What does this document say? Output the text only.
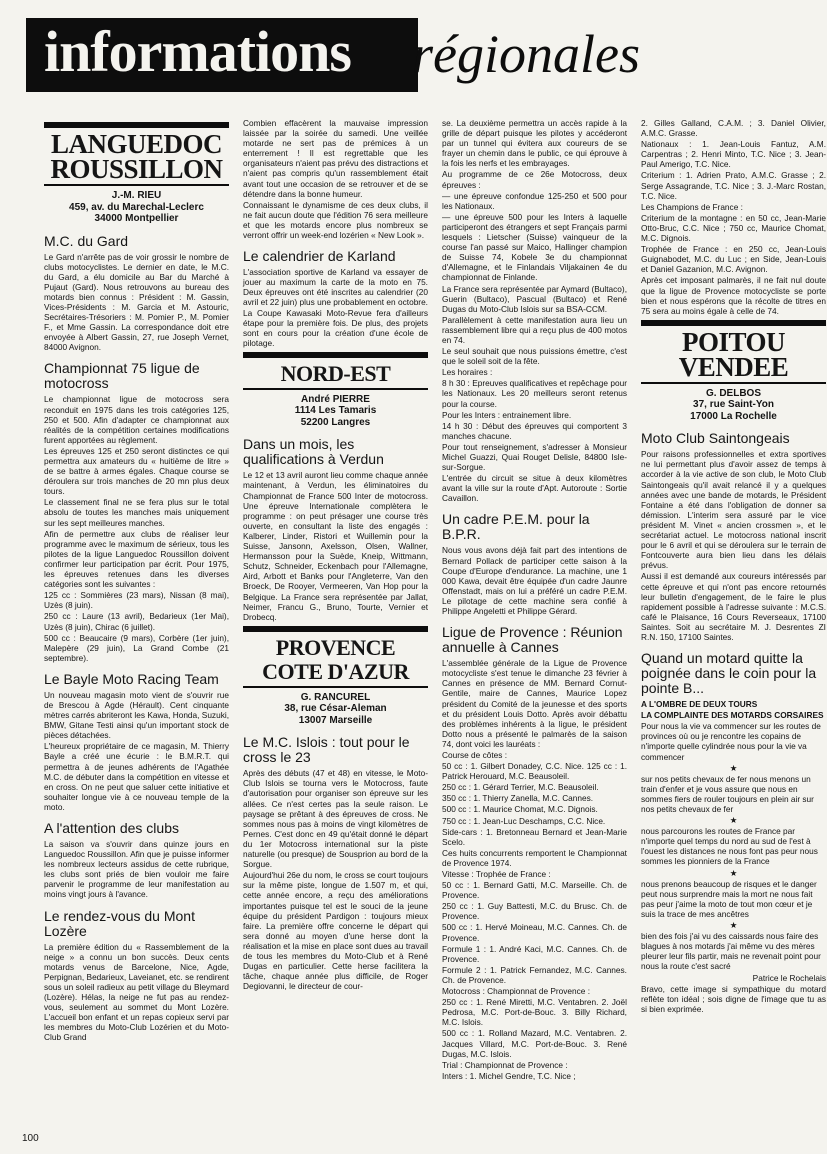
informations régionales
LANGUEDOC
ROUSSILLON
J.-M. RIEU
459, av. du Marechal-Leclerc
34000 Montpellier
M.C. du Gard

Le Gard n'arrête pas de voir grossir le nombre de clubs motocyclistes. Le dernier en date, le M.C. du Gard, a élu domicile au Bar du Marché à Pujaut (Gard). Nous retrouvons au bureau des motards bien connus : Président : M. Gassin, Vices-Présidents : M. Garcia et M. Astouric, Secrétaires-Trésoriers : M. Pomier P., M. Pomier F., et Mme Gassin. La correspondance doit etre envoyée à Albert Gassin, 27, rue Joseph Vernet, 84000 Avignon.

Championnat 75 ligue de motocross

Le championnat ligue de motocross sera reconduit en 1975 dans les trois catégories 125, 250 et 500. Afin d'adapter ce championnat aux réalités de la compétition certaines modifications furent apportées au règlement.

Les épreuves 125 et 250 seront distinctes ce qui permettra aux amateurs du « huitième de litre » de se battre à armes égales. Chaque course se déroulera sur trois manches de 20 mn plus deux tours.

Le classement final ne se fera plus sur le total absolu de toutes les manches mais uniquement sur les sept meilleures manches.

Afin de permettre aux clubs de réaliser leur programme avec le maximum de sérieux, tous les pilotes de la ligue Languedoc Roussillon doivent confirmer leur participation par écrit. Pour 1975, les épreuves retenues dans les diverses catégories sont les suivantes :

125 cc : Sommières (23 mars), Nissan (8 mai), Uzès (8 juin).

250 cc : Laure (13 avril), Bedarieux (1er Mai), Uzès (8 juin), Chirac (6 juillet).

500 cc : Beaucaire (9 mars), Corbère (1er juin), Malepère (29 juin), La Grand Combe (21 septembre).

Le Bayle Moto Racing Team

Un nouveau magasin moto vient de s'ouvrir rue de Brescou à Agde (Hérault). Cent cinquante mètres carrés abriteront les Kawa, Honda, Suzuki, BMW, Gitane Testi ainsi qu'un important stock de pièces détachées.

L'heureux propriétaire de ce magasin, M. Thierry Bayle a créé une écurie : le B.M.R.T. qui permettra à de jeunes adhérents de l'Agathée M.C. de débuter dans la compétition en vitesse et en cross. On ne peut que saluer cette initiative et souhaiter longue vie à ce nouveau temple de la moto.

A l'attention des clubs

La saison va s'ouvrir dans quinze jours en Languedoc Roussillon. Afin que je puisse informer les nombreux lecteurs assidus de cette rubrique, les clubs sont priés de bien vouloir me faire parvenir le programme de leur manifestation au moins vingt jours à l'avance.

Le rendez-vous du Mont Lozère

La première édition du « Rassemblement de la neige » a connu un bon succès. Deux cents motards venus de Barcelone, Nice, Agde, Perpignan, Bedarieux, Laveianet, etc. se rendirent sous un soleil radieux au petit village du Bleymard (Lozère). Hélas, la neige ne fut pas au rendez-vous, seulement au sommet du Mont Lozère. L'accueil bon enfant et un repas copieux servi par les membres du Moto-Club Lozérien et du Moto-Club Grand

Combien effacèrent la mauvaise impression laissée par la soirée du samedi. Une veillée motarde ne sert pas de prémices à un enterrement ! Il est regrettable que les organisateurs n'aient pas prévu des distractions et n'aient pas compris qu'un rassemblement était avant tout une occasion de se retrouver et de se détendre dans la bonne humeur.

Connaissant le dynamisme de ces deux clubs, il ne fait aucun doute que l'édition 76 sera meilleure et que les motards encore plus nombreux se verront offrir un week-end lozérien « New Look ».

Le calendrier de Karland

L'association sportive de Karland va essayer de jouer au maximum la carte de la moto en 75. Deux épreuves ont été inscrites au calendrier (20 avril et 22 juin) plus une probablement en octobre. La Coupe Kawasaki Moto-Revue fera d'ailleurs étape pour la première fois. De plus, des projets sont en cours pour la création d'une école de pilotage.

NORD-EST
André PIERRE
1114 Les Tamaris
52200 Langres
Dans un mois, les qualifications à Verdun

Le 12 et 13 avril auront lieu comme chaque année maintenant, à Verdun, les éliminatoires du Championnat de France 500 Inter de motocross. Une épreuve Internationale complètera le programme : on peut présager une course très ouverte, en consultant la liste des engagés : Kalberer, Linder, Ristori et Wuillemin pour la Suisse, Jansonn, Axelsson, Olsen, Wallner, Hermansson pour la Suède, Kneip, Wittmann, Schutz, Schneider, Eckenbach pour l'Allemagne, Aird, Arbott et Banks pour l'Angleterre, Van den Broeck, De Rooyer, Vermeeren, Van Hop pour la Belgique. La France sera représentée par Jallat, Neimer, Francu G., Bruno, Tourte, Vernier et Drobecq.

PROVENCE
COTE D'AZUR
G. RANCUREL
38, rue César-Aleman
13007 Marseille
Le M.C. Islois : tout pour le cross le 23

Après des débuts (47 et 48) en vitesse, le Moto-Club Islois se tourna vers le Motocross, faute d'autorisation pour organiser son épreuve sur les allées. Ce n'est certes pas la seule raison. Le paysage se prêtant à des épreuves de cross. Ne sommes nous pas à moins de vingt kilomètres de Pernes. C'est donc en 49 qu'était donné le départ du 1er Motocross international sur la piste naturelle (ou presque) de Sousprion au bord de la Sorgue.

Aujourd'hui 26e du nom, le cross se court toujours sur la même piste, longue de 1.507 m, et qui, cette année encore, a reçu des améliorations importantes puisque tel est le souci de la jeune équipe du président Pardigon : toujours mieux faire. La première offre concerne le départ qui sera donné au moyen d'une herse dont la réalisation et la mise en place sont dues au travail de tous les membres du Moto-Club et à René Dugas en particulier. Cette herse facilitera la tâche, chaque année plus difficile, de Roger Degiovanni, le directeur de cour-

se. La deuxième permettra un accès rapide à la grille de départ puisque les pilotes y accéderont par un tunnel qui évitera aux coureurs de se frayer un chemin dans le public, ce qui éprouve à la fois les nerfs et les embrayages.

Au programme de ce 26e Motocross, deux épreuves :

— une épreuve confondue 125-250 et 500 pour les Nationaux.

— une épreuve 500 pour les Inters à laquelle participeront des étrangers et sept Français parmi lesquels : Lietscher (Suisse) vainqueur de la course l'an passé sur Maico, Hallinger champion de Suisse 74, Kobele 3e du championnat d'Allemagne, et le Finlandais Viljakainen 4e du championnat de Finlande.

La France sera représentée par Aymard (Bultaco), Guerin (Bultaco), Pascual (Bultaco) et René Dugas du Moto-Club Islois sur sa BSA-CCM.

Parallèlement à cette manifestation aura lieu un rassemblement libre qui a reçu plus de 400 motos en 74.

Le seul souhait que nous puissions émettre, c'est que le soleil soit de la fête.

Les horaires :

8 h 30 : Epreuves qualificatives et repêchage pour les Nationaux. Les 20 meilleurs seront retenus pour la course.

Pour les Inters : entrainement libre.

14 h 30 : Début des épreuves qui comportent 3 manches chacune.

Pour tout renseignement, s'adresser à Monsieur Michel Guazzi, Quai Rouget Delisle, 84800 Isle-sur-Sorgue.

L'entrée du circuit se situe à deux kilomètres avant la ville sur la route d'Apt. Autoroute : Sortie Cavaillon.

Un cadre P.E.M. pour la B.P.R.

Nous vous avons déjà fait part des intentions de Bernard Pollack de participer cette saison à la Coupe d'Europe d'endurance. La machine, une 1 000 Kawa, devait être équipée d'un cadre Jaunre Offenstadt, mais on lui a préféré un cadre P.E.M. Le pilotage de cette machine sera confié à Philippe Angeletti et Philippe Gérard.

Ligue de Provence : Réunion annuelle à Cannes

L'assemblée générale de la Ligue de Provence motocycliste s'est tenue le dimanche 23 février à Cannes en présence de MM. Bernard Cornut-Gentile, maire de Cannes, Maurice Lopez président du Comité de la jeunesse et des sports et du président Louis Dotto. Après avoir débattu des problèmes inhérents à la ligue, le président Dotto nous a présenté le palmarès de la saison 74, dont voici les lauréats :

Course de côtes :

50 cc : 1. Gilbert Donadey, C.C. Nice. 125 cc : 1. Patrick Herouard, M.C. Beausoleil.

250 cc : 1. Gérard Terrier, M.C. Beausoleil.

350 cc : 1. Thierry Zanella, M.C. Cannes.

500 cc : 1. Maurice Chomat, M.C. Dignois.

750 cc : 1. Jean-Luc Deschamps, C.C. Nice.

Side-cars : 1. Bretonneau Bernard et Jean-Marie Scelo.

Ces huits concurrents remportent le Championnat de Provence 1974.

Vitesse : Trophée de France :

50 cc : 1. Bernard Gatti, M.C. Marseille. Ch. de Provence.

250 cc : 1. Guy Battesti, M.C. du Brusc. Ch. de Provence.

500 cc : 1. Hervé Moineau, M.C. Cannes. Ch. de Provence.

Formule 1 : 1. André Kaci, M.C. Cannes. Ch. de Provence.

Formule 2 : 1. Patrick Fernandez, M.C. Cannes. Ch. de Provence.

Motocross : Championnat de Provence :

250 cc : 1. René Miretti, M.C. Ventabren. 2. Joël Pedrosa, M.C. Port-de-Bouc. 3. Billy Richard, M.C. Islois.

500 cc : 1. Rolland Mazard, M.C. Ventabren. 2. Jacques Villard, M.C. Port-de-Bouc. 3. René Dugas, M.C. Islois.

Trial : Championnat de Provence :

Inters : 1. Michel Gendre, T.C. Nice ;

2. Gilles Galland, C.A.M. ; 3. Daniel Olivier, A.M.C. Grasse.

Nationaux : 1. Jean-Louis Fantuz, A.M. Carpentras ; 2. Henri Minto, T.C. Nice ; 3. Jean-Paul Amerigo, T.C. Nice.

Criterium : 1. Adrien Prato, A.M.C. Grasse ; 2. Serge Assagrande, T.C. Nice ; 3. J.-Marc Rostan, T.C. Nice.

Les Champions de France :

Criterium de la montagne : en 50 cc, Jean-Marie Otto-Bruc, C.C. Nice ; 750 cc, Maurice Chomat, M.C. Dignois.

Trophée de France : en 250 cc, Jean-Louis Guignabodet, M.C. du Luc ; en Side, Jean-Louis et Daniel Gazanion, M.C. Avignon.

Après cet imposant palmarès, il ne fait nul doute que la ligue de Provence motocycliste se porte bien et nous espérons que la récolte de titres en 75 sera au moins égale à celle de 74.

POITOU
VENDEE
G. DELBOS
37, rue Saint-Yon
17000 La Rochelle
Moto Club Saintongeais

Pour raisons professionnelles et extra sportives ne lui permettant plus d'avoir assez de temps à accorder à la vie active de son club, le Moto Club Saintongeais qu'il avait relancé il y a quelques années avec une bande de motards, le Président Fontaine a été dans l'obligation de donner sa démission. L'interim sera assuré par le vice président M. Vinet « ancien crossmen », et le secrétariat actuel. Le motocross national inscrit pour le 6 avril et qui se déroulera sur le terrain de Fontcouverte aura bien lieu dans les délais prévus.

Aussi il est demandé aux coureurs intéressés par cette épreuve et qui n'ont pas encore retournés leur bulletin d'engagement, de le faire le plus rapidement possible à l'adresse suivante : M.C.S. café le Plaisance, 16 Cours Reverseaux, 17100 Saintes. Soit au secrétaire M. J. Desrentes ZI R.N. 150, 17100 Saintes.

Quand un motard quitte la poignée dans le coin pour la pointe B...

A L'OMBRE DE DEUX TOURS

LA COMPLAINTE DES MOTARDS CORSAIRES

Pour nous la vie va commencer sur les routes de provinces où ou je rencontre les copains de n'importe quelle cylindrée nous pour la vie va commencer

★

sur nos petits chevaux de fer nous menons un train d'enfer et je vous assure que nous en sommes fiers de rouler toujours en plein air sur nos petits chevaux de fer

★

nous parcourons les routes de France par n'importe quel temps du nord au sud de l'est à l'ouest les distances ne nous font pas peur nous sommes les pionniers de la France

★

nous prenons beaucoup de risques et le danger peut nous surprendre mais la mort ne nous fait pas peur j'aime la moto de tout mon cœur et je suis la trace de mes ancêtres

★

bien des fois j'ai vu des caissards nous faire des blagues à nos motards j'ai même vu des mères pleurer leur fils partir, mais ne revenait point pour nous la route c'est sacré

Patrice le Rochelais

Bravo, cette image si sympathique du motard reflète ton idéal ; sois digne de l'image que tu as si bien exprimée.

100
